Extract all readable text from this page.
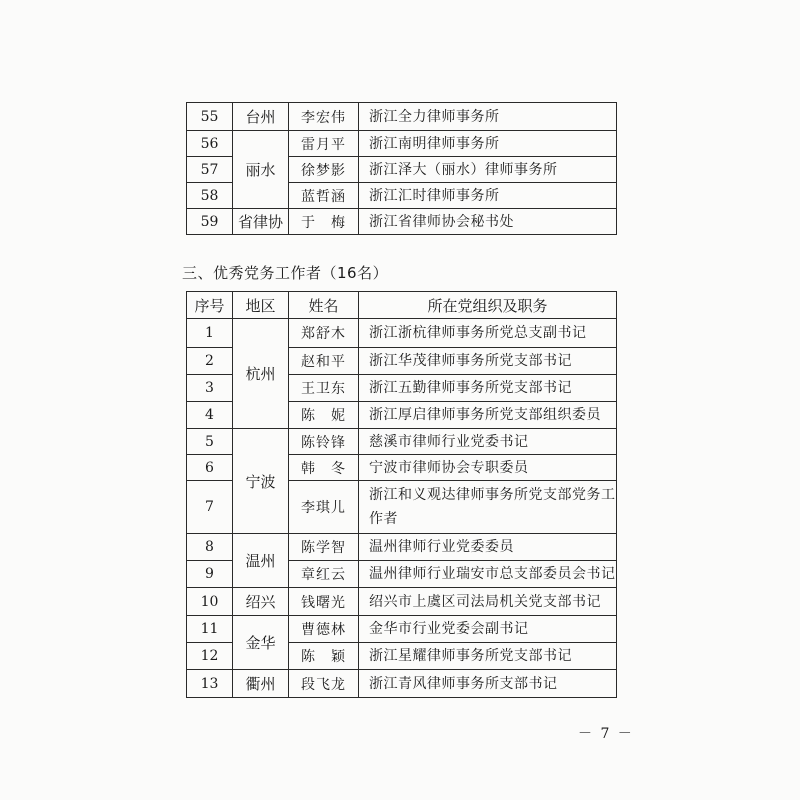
55	台州	李宏伟	浙江全力律师事务所
56	丽水	雷月平	浙江南明律师事务所
57		徐梦影	浙江泽大（丽水）律师事务所
58		蓝哲涵	浙江汇时律师事务所
59	省律协	于　梅	浙江省律师协会秘书处
三、优秀党务工作者（16名）
序号	地区	姓名	所在党组织及职务
1	杭州	郑舒木	浙江浙杭律师事务所党总支副书记
2		赵和平	浙江华茂律师事务所党支部书记
3		王卫东	浙江五勤律师事务所党支部书记
4		陈　妮	浙江厚启律师事务所党支部组织委员
5	宁波	陈铃锋	慈溪市律师行业党委书记
6		韩　冬	宁波市律师协会专职委员
7		李琪儿	浙江和义观达律师事务所党支部党务工作者
8	温州	陈学智	温州律师行业党委委员
9		章红云	温州律师行业瑞安市总支部委员会书记
10	绍兴	钱曙光	绍兴市上虞区司法局机关党支部书记
11	金华	曹德林	金华市行业党委会副书记
12		陈　颖	浙江星耀律师事务所党支部书记
13	衢州	段飞龙	浙江青风律师事务所支部书记
－ 7 －
